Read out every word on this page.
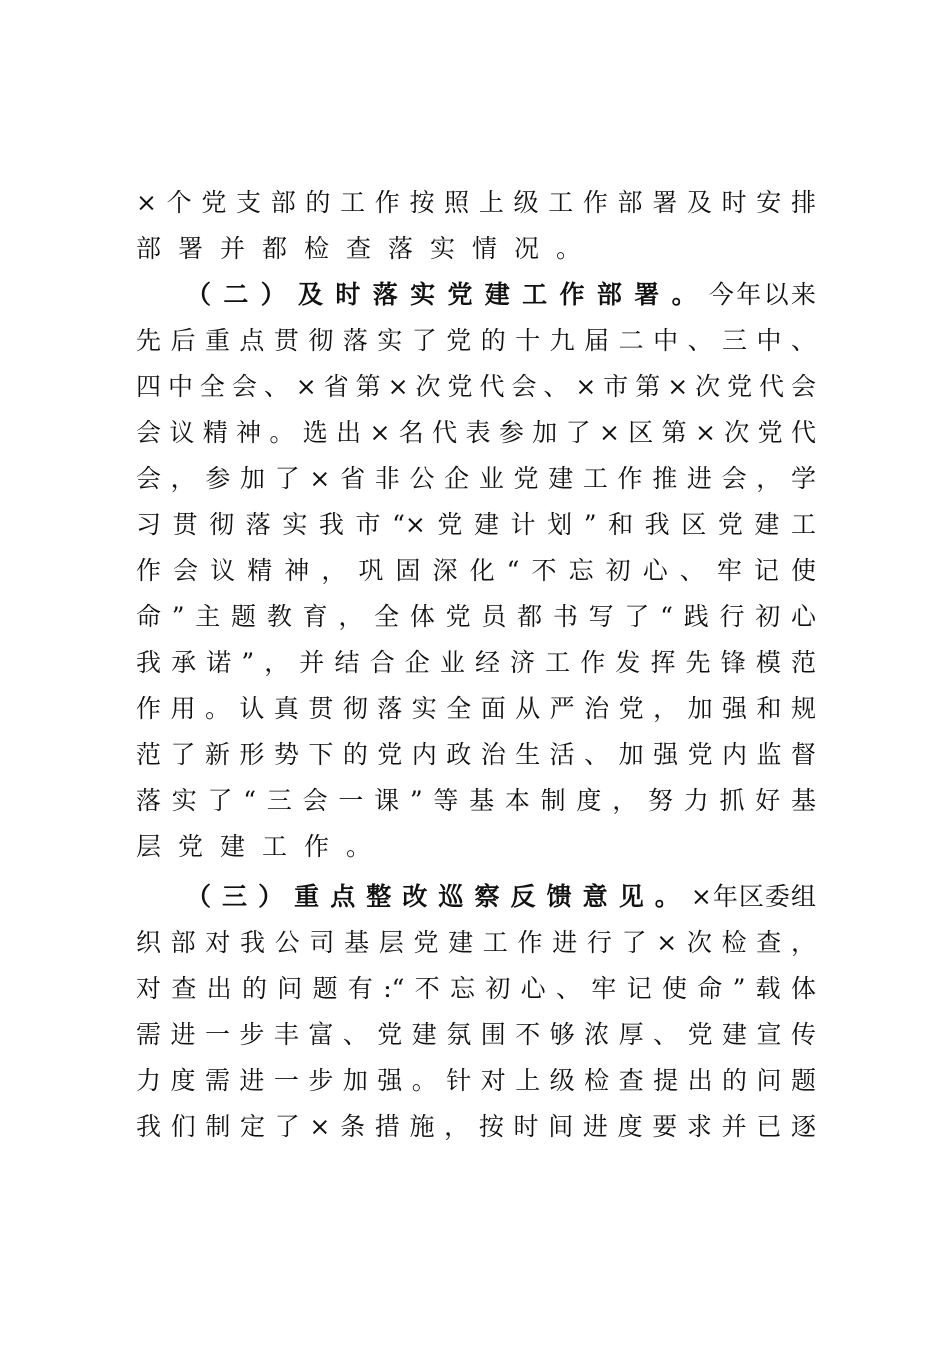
×个党支部的工作按照上级工作部署及时安排
部署并都检查落实情况。
（二）及时落实党建工作部署。今年以来
先后重点贯彻落实了党的十九届二中、三中、
四中全会、×省第×次党代会、×市第×次党代会
会议精神。选出×名代表参加了×区第×次党代
会，参加了×省非公企业党建工作推进会，学
习贯彻落实我市“×党建计划”和我区党建工
作会议精神，巩固深化“不忘初心、牢记使
命”主题教育，全体党员都书写了“践行初心
我承诺”，并结合企业经济工作发挥先锋模范
作用。认真贯彻落实全面从严治党，加强和规
范了新形势下的党内政治生活、加强党内监督
落实了“三会一课”等基本制度，努力抓好基
层党建工作。
（三）重点整改巡察反馈意见。×年区委组
织部对我公司基层党建工作进行了×次检查，
对查出的问题有:“不忘初心、牢记使命”载体
需进一步丰富、党建氛围不够浓厚、党建宣传
力度需进一步加强。针对上级检查提出的问题
我们制定了×条措施，按时间进度要求并已逐
